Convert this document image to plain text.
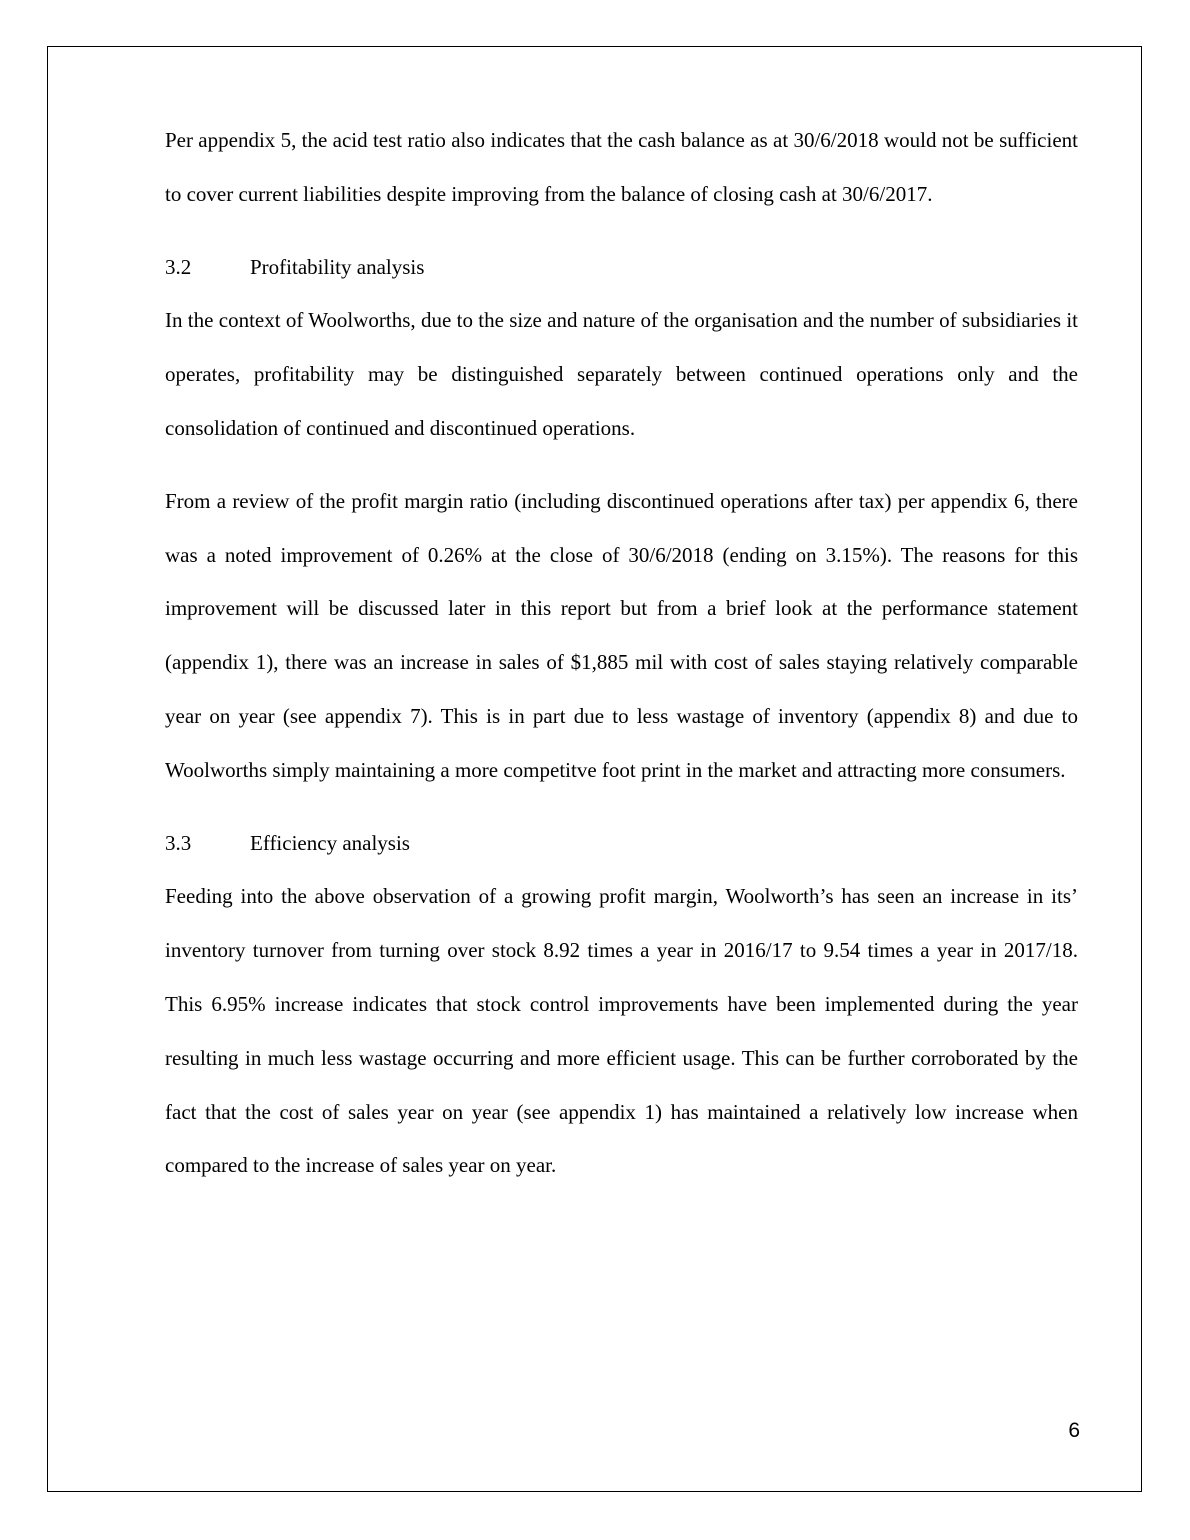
Per appendix 5, the acid test ratio also indicates that the cash balance as at 30/6/2018 would not be sufficient to cover current liabilities despite improving from the balance of closing cash at 30/6/2017.

3.2	Profitability analysis

In the context of Woolworths, due to the size and nature of the organisation and the number of subsidiaries it operates, profitability may be distinguished separately between continued operations only and the consolidation of continued and discontinued operations.

From a review of the profit margin ratio (including discontinued operations after tax) per appendix 6, there was a noted improvement of 0.26% at the close of 30/6/2018 (ending on 3.15%). The reasons for this improvement will be discussed later in this report but from a brief look at the performance statement (appendix 1), there was an increase in sales of $1,885 mil with cost of sales staying relatively comparable year on year (see appendix 7). This is in part due to less wastage of inventory (appendix 8) and due to Woolworths simply maintaining a more competitve foot print in the market and attracting more consumers.

3.3	Efficiency analysis

Feeding into the above observation of a growing profit margin, Woolworth’s has seen an increase in its’ inventory turnover from turning over stock 8.92 times a year in 2016/17 to 9.54 times a year in 2017/18. This 6.95% increase indicates that stock control improvements have been implemented during the year resulting in much less wastage occurring and more efficient usage. This can be further corroborated by the fact that the cost of sales year on year (see appendix 1) has maintained a relatively low increase when compared to the increase of sales year on year.

6
